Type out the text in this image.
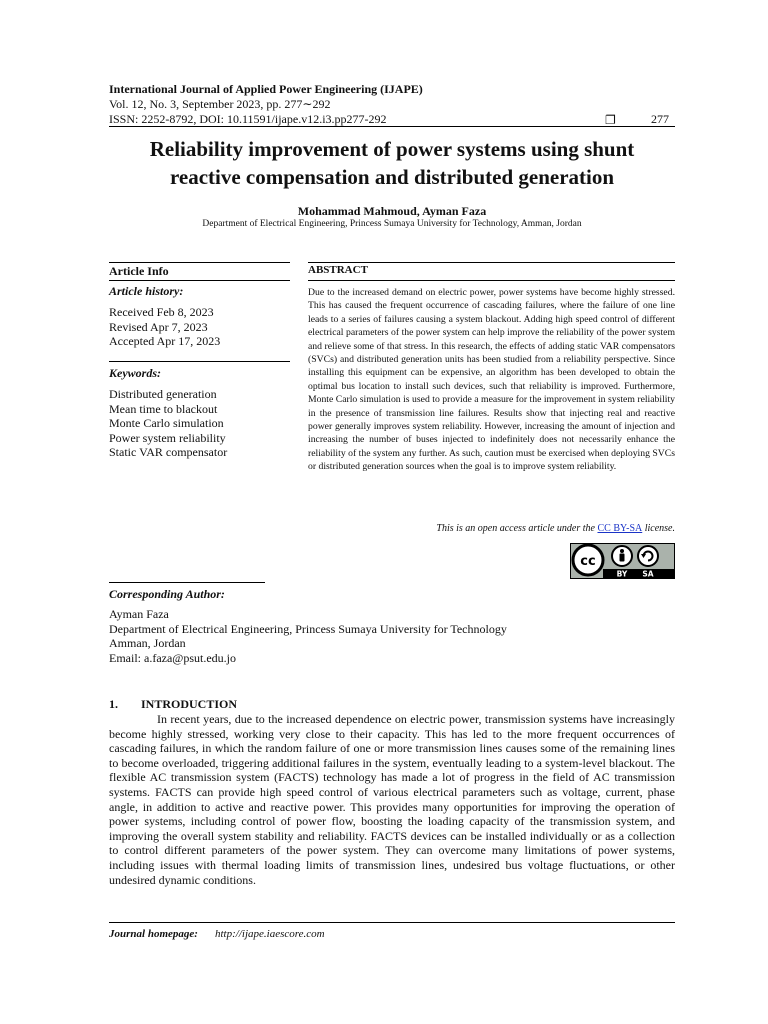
International Journal of Applied Power Engineering (IJAPE)
Vol. 12, No. 3, September 2023, pp. 277∼292
ISSN: 2252-8792, DOI: 10.11591/ijape.v12.i3.pp277-292	❐	277
Reliability improvement of power systems using shunt
reactive compensation and distributed generation
Mohammad Mahmoud, Ayman Faza
Department of Electrical Engineering, Princess Sumaya University for Technology, Amman, Jordan
Article Info
Article history:
Received Feb 8, 2023
Revised Apr 7, 2023
Accepted Apr 17, 2023
Keywords:
Distributed generation
Mean time to blackout
Monte Carlo simulation
Power system reliability
Static VAR compensator
ABSTRACT
Due to the increased demand on electric power, power systems have become highly stressed. This has caused the frequent occurrence of cascading failures, where the failure of one line leads to a series of failures causing a system blackout. Adding high speed control of different electrical parameters of the power system can help improve the reliability of the power system and relieve some of that stress. In this research, the effects of adding static VAR compensators (SVCs) and distributed generation units has been studied from a reliability perspective. Since installing this equipment can be expensive, an algorithm has been developed to obtain the optimal bus location to install such devices, such that reliability is improved. Furthermore, Monte Carlo simulation is used to provide a measure for the improvement in system reliability in the presence of transmission line failures. Results show that injecting real and reactive power generally improves system reliability. However, increasing the amount of injection and increasing the number of buses injected to indefinitely does not necessarily enhance the reliability of the system any further. As such, caution must be exercised when deploying SVCs or distributed generation sources when the goal is to improve system reliability.
This is an open access article under the CC BY-SA license.
cc
BY SA
Corresponding Author:
Ayman Faza
Department of Electrical Engineering, Princess Sumaya University for Technology
Amman, Jordan
Email: a.faza@psut.edu.jo
1. INTRODUCTION
In recent years, due to the increased dependence on electric power, transmission systems have increasingly become highly stressed, working very close to their capacity. This has led to the more frequent occurrences of cascading failures, in which the random failure of one or more transmission lines causes some of the remaining lines to become overloaded, triggering additional failures in the system, eventually leading to a system-level blackout. The flexible AC transmission system (FACTS) technology has made a lot of progress in the field of AC transmission systems. FACTS can provide high speed control of various electrical parameters such as voltage, current, phase angle, in addition to active and reactive power. This provides many opportunities for improving the operation of power systems, including control of power flow, boosting the loading capacity of the transmission system, and improving the overall system stability and reliability. FACTS devices can be installed individually or as a collection to control different parameters of the power system. They can overcome many limitations of power systems, including issues with thermal loading limits of transmission lines, undesired bus voltage fluctuations, or other undesired dynamic conditions.
Journal homepage: http://ijape.iaescore.com
